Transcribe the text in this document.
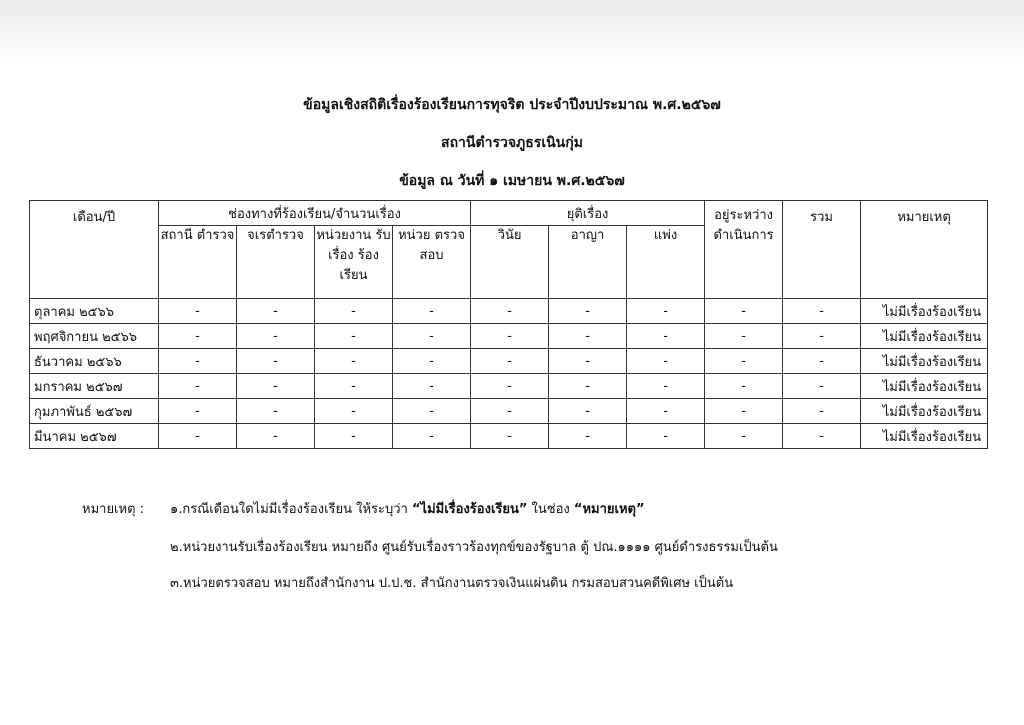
ข้อมูลเชิงสถิติเรื่องร้องเรียนการทุจริต ประจำปีงบประมาณ พ.ศ.๒๕๖๗
สถานีตำรวจภูธรเนินกุ่ม
ข้อมูล ณ วันที่ ๑ เมษายน พ.ศ.๒๕๖๗
เดือน/ปี	ช่องทางที่ร้องเรียน/จำนวนเรื่อง				ยุติเรื่อง			อยู่ระหว่าง ดำเนินการ	รวม	หมายเหตุ
	สถานี ตำรวจ	จเรตำรวจ	หน่วยงาน รับเรื่อง ร้องเรียน	หน่วย ตรวจสอบ	วินัย	อาญา	แพ่ง			
ตุลาคม ๒๕๖๖	-	-	-	-	-	-	-	-	-	ไม่มีเรื่องร้องเรียน
พฤศจิกายน ๒๕๖๖	-	-	-	-	-	-	-	-	-	ไม่มีเรื่องร้องเรียน
ธันวาคม ๒๕๖๖	-	-	-	-	-	-	-	-	-	ไม่มีเรื่องร้องเรียน
มกราคม ๒๕๖๗	-	-	-	-	-	-	-	-	-	ไม่มีเรื่องร้องเรียน
กุมภาพันธ์ ๒๕๖๗	-	-	-	-	-	-	-	-	-	ไม่มีเรื่องร้องเรียน
มีนาคม ๒๕๖๗	-	-	-	-	-	-	-	-	-	ไม่มีเรื่องร้องเรียน
หมายเหตุ : ๑.กรณีเดือนใดไม่มีเรื่องร้องเรียน ให้ระบุว่า “ไม่มีเรื่องร้องเรียน” ในช่อง “หมายเหตุ”
๒.หน่วยงานรับเรื่องร้องเรียน หมายถึง ศูนย์รับเรื่องราวร้องทุกข์ของรัฐบาล ตู้ ปณ.๑๑๑๑ ศูนย์ดำรงธรรมเป็นต้น
๓.หน่วยตรวจสอบ หมายถึงสำนักงาน ป.ป.ช. สำนักงานตรวจเงินแผ่นดิน กรมสอบสวนคดีพิเศษ เป็นต้น
